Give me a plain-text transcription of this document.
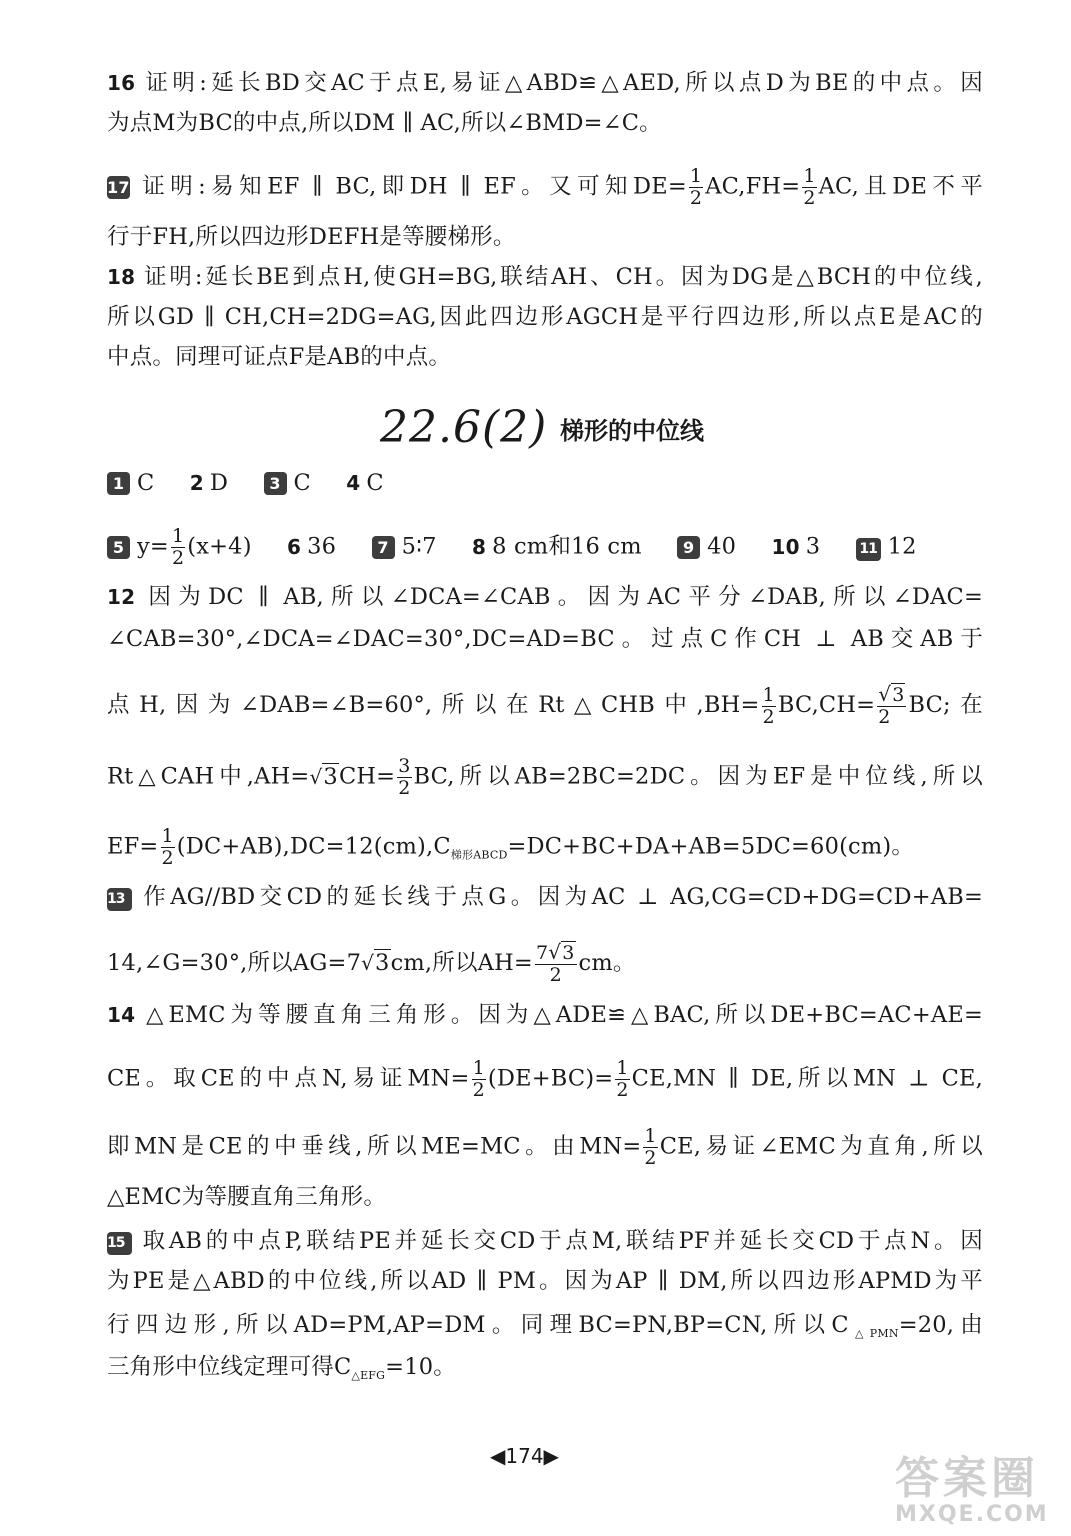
16 证明:延长BD交AC于点E,易证△ABD≌△AED,所以点D为BE的中点。因
为点M为BC的中点,所以DM ∥ AC,所以∠BMD=∠C。
17 证明:易知EF ∥ BC,即DH ∥ EF。又可知$DE= \frac{1}{2} AC,FH= \frac{1}{2}$ AC,且DE不平
行于FH,所以四边形DEFH是等腰梯形。
18 证明:延长BE到点H,使GH=BG,联结AH、CH。因为DG是△BCH的中位线,
所以GD ∥ CH,CH=2DG=AG,因此四边形AGCH是平行四边形,所以点E是AC的
中点。同理可证点F是AB的中点。
22.6(2) 梯形的中位线
1 C 2 D	3 C 4 C
5 $y= \frac{1}{2} (x+4)$ 6 36	7 5∶7 8 8 cm和16 cm	9 40 10 3	11 12
12 因为DC ∥ AB,所以∠DCA=∠CAB。因为AC平分∠DAB,所以∠DAC=
∠CAB=30°,∠DCA=∠DAC=30°,DC=AD=BC。过点C作CH ⊥ AB交AB于
点H,因为∠DAB=∠B=60°,所以在Rt△CHB中$,BH= \frac{1}{2} BC,CH= \frac{√3}{2}$ BC;在
Rt△CAH中$,AH=√3CH= \frac{3}{2}$ BC,所以AB=2BC=2DC。因为EF是中位线,所以
$EF= \frac{1}{2} (DC+AB),DC=12(cm),C_{梯形ABCD}=DC+BC+DA+AB=5DC=60(cm)$。
13 作AG//BD交CD的延长线于点G。因为AC ⊥ AG,CG=CD+DG=CD+AB=
14,∠G=30°,所以AG=7√3cm,所以$AH= \frac{7√3}{2}$ cm。
14 △EMC为等腰直角三角形。因为△ADE≌△BAC,所以DE+BC=AC+AE=
CE。取CE的中点N,易证$MN= \frac{1}{2} (DE+BC)= \frac{1}{2} CE,MN$ ∥ DE,所以MN ⊥ CE,
即MN是CE的中垂线,所以ME=MC。由$MN= \frac{1}{2}$ CE,易证∠EMC为直角,所以
△EMC为等腰直角三角形。
15 取AB的中点P,联结PE并延长交CD于点M,联结PF并延长交CD于点N。因
为PE是△ABD的中位线,所以AD ∥ PM。因为AP ∥ DM,所以四边形APMD为平
行四边形,所以AD=PM,AP=DM。同理BC=PN,BP=CN,所以$C_{\triangle PMN}=20$,由
三角形中位线定理可得$C_{\triangle EFG}=10$。
◀174▶	答案圈
MXQE.COM
